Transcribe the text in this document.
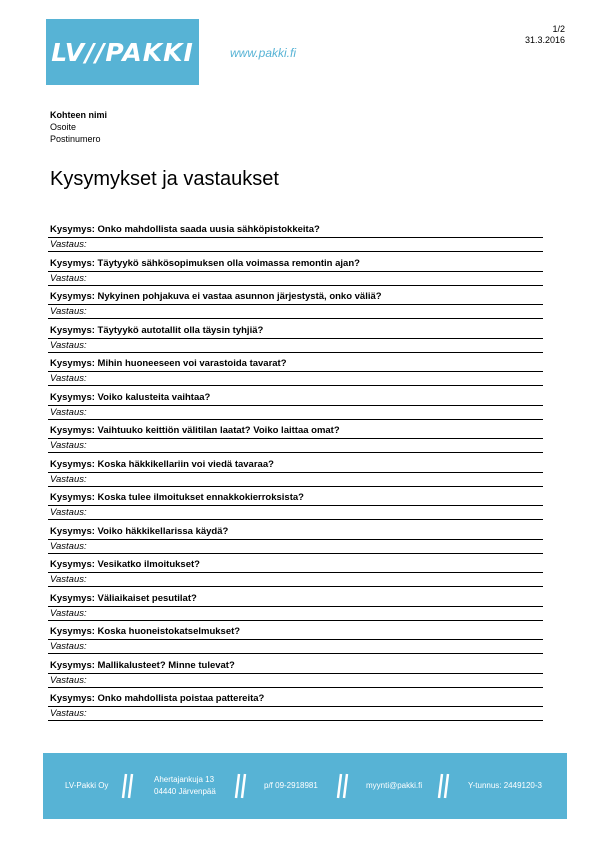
LV//PAKKI	www.pakki.fi
1/2
31.3.2016
Kohteen nimi
Osoite
Postinumero
Kysymykset ja vastaukset
Kysymys: Onko mahdollista saada uusia sähköpistokkeita?
Vastaus:
Kysymys: Täytyykö sähkösopimuksen olla voimassa remontin ajan?
Vastaus:
Kysymys: Nykyinen pohjakuva ei vastaa asunnon järjestystä, onko väliä?
Vastaus:
Kysymys: Täytyykö autotallit olla täysin tyhjiä?
Vastaus:
Kysymys: Mihin huoneeseen voi varastoida tavarat?
Vastaus:
Kysymys: Voiko kalusteita vaihtaa?
Vastaus:
Kysymys: Vaihtuuko keittiön välitilan laatat? Voiko laittaa omat?
Vastaus:
Kysymys: Koska häkkikellariin voi viedä tavaraa?
Vastaus:
Kysymys: Koska tulee ilmoitukset ennakkokierroksista?
Vastaus:
Kysymys: Voiko häkkikellarissa käydä?
Vastaus:
Kysymys: Vesikatko ilmoitukset?
Vastaus:
Kysymys: Väliaikaiset pesutilat?
Vastaus:
Kysymys: Koska huoneistokatselmukset?
Vastaus:
Kysymys: Mallikalusteet? Minne tulevat?
Vastaus:
Kysymys: Onko mahdollista poistaa pattereita?
Vastaus:
LV-Pakki Oy
Ahertajankuja 13
04440 Järvenpää
p/f 09-2918981	myynti@pakki.fi	Y-tunnus: 2449120-3
